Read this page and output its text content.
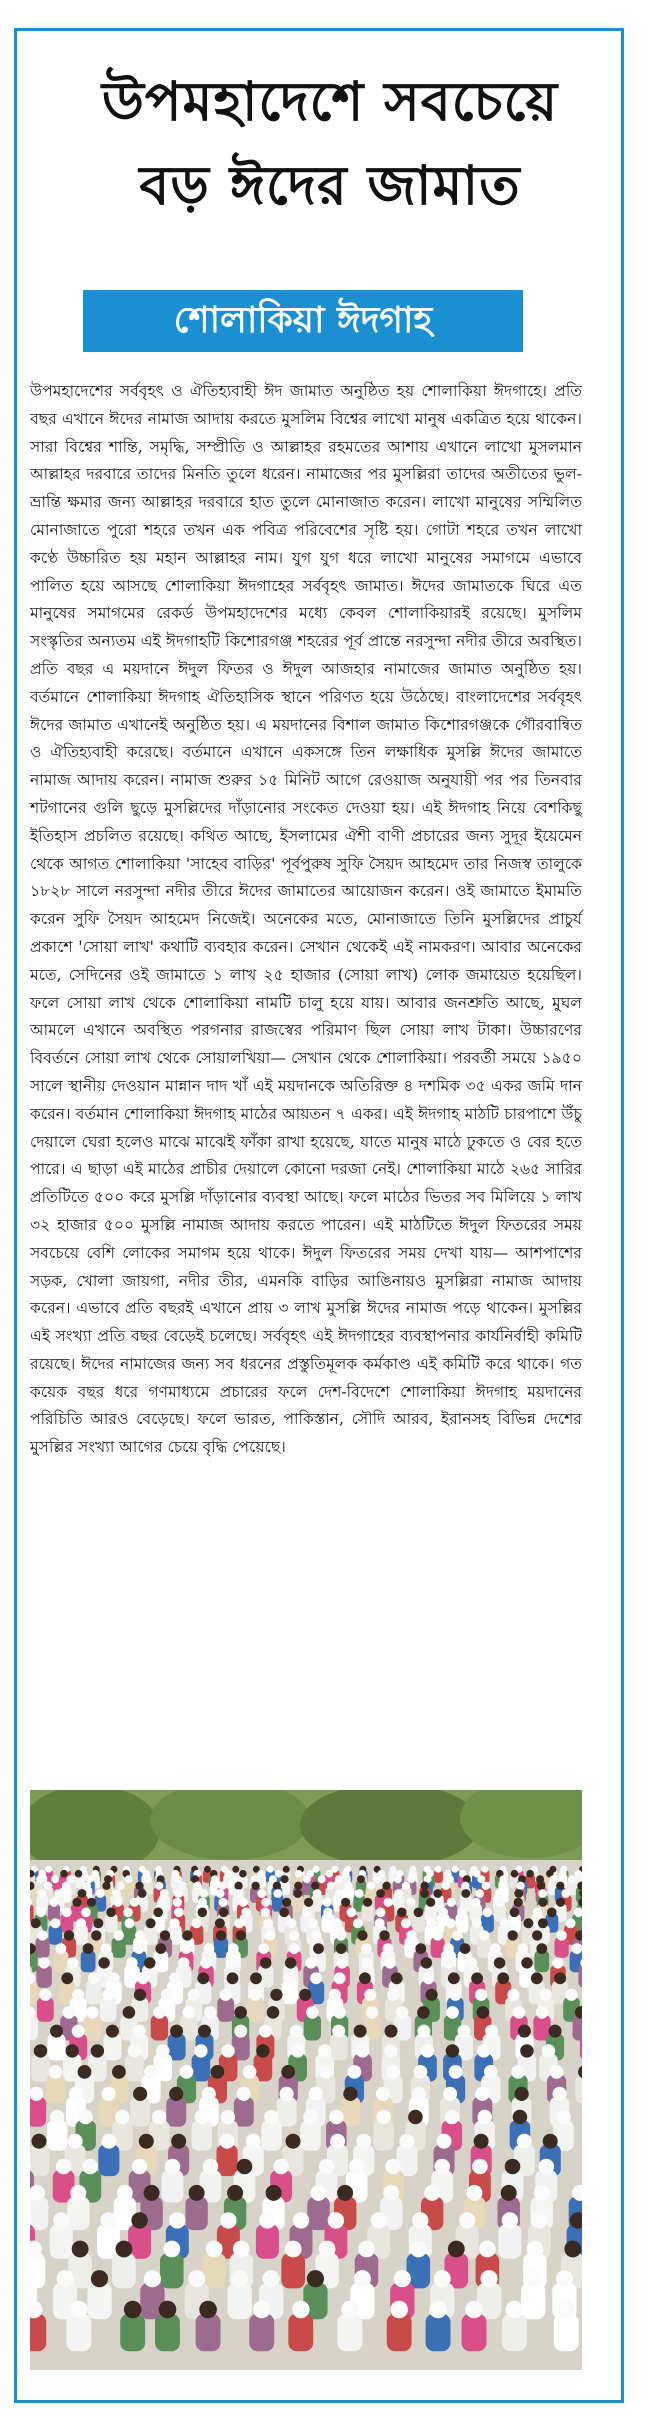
উপমহাদেশে সবচেয়ে
বড় ঈদের জামাত
শোলাকিয়া ঈদগাহ

উপমহাদেশের সর্ববৃহৎ ও ঐতিহ্যবাহী ঈদ জামাত অনুষ্ঠিত হয় শোলাকিয়া ঈদগাহে। প্রতি বছর এখানে ঈদের নামাজ আদায় করতে মুসলিম বিশ্বের লাখো মানুষ একত্রিত হয়ে থাকেন। সারা বিশ্বের শান্তি, সমৃদ্ধি, সম্প্রীতি ও আল্লাহর রহমতের আশায় এখানে লাখো মুসলমান আল্লাহর দরবারে তাদের মিনতি তুলে ধরেন। নামাজের পর মুসল্লিরা তাদের অতীতের ভুল-ভ্রান্তি ক্ষমার জন্য আল্লাহর দরবারে হাত তুলে মোনাজাত করেন। লাখো মানুষের সম্মিলিত মোনাজাতে পুরো শহরে তখন এক পবিত্র পরিবেশের সৃষ্টি হয়। গোটা শহরে তখন লাখো কণ্ঠে উচ্চারিত হয় মহান আল্লাহর নাম। যুগ যুগ ধরে লাখো মানুষের সমাগমে এভাবে পালিত হয়ে আসছে শোলাকিয়া ঈদগাহের সর্ববৃহৎ জামাত। ঈদের জামাতকে ঘিরে এত মানুষের সমাগমের রেকর্ড উপমহাদেশের মধ্যে কেবল শোলাকিয়ারই রয়েছে। মুসলিম সংস্কৃতির অন্যতম এই ঈদগাহটি কিশোরগঞ্জ শহরের পূর্ব প্রান্তে নরসুন্দা নদীর তীরে অবস্থিত। প্রতি বছর এ ময়দানে ঈদুল ফিতর ও ঈদুল আজহার নামাজের জামাত অনুষ্ঠিত হয়। বর্তমানে শোলাকিয়া ঈদগাহ ঐতিহাসিক স্থানে পরিণত হয়ে উঠেছে। বাংলাদেশের সর্ববৃহৎ ঈদের জামাত এখানেই অনুষ্ঠিত হয়। এ ময়দানের বিশাল জামাত কিশোরগঞ্জকে গৌরবান্বিত ও ঐতিহ্যবাহী করেছে। বর্তমানে এখানে একসঙ্গে তিন লক্ষাধিক মুসল্লি ঈদের জামাতে নামাজ আদায় করেন। নামাজ শুরুর ১৫ মিনিট আগে রেওয়াজ অনুযায়ী পর পর তিনবার শটগানের গুলি ছুড়ে মুসল্লিদের দাঁড়ানোর সংকেত দেওয়া হয়। এই ঈদগাহ নিয়ে বেশকিছু ইতিহাস প্রচলিত রয়েছে। কথিত আছে, ইসলামের ঐশী বাণী প্রচারের জন্য সুদূর ইয়েমেন থেকে আগত শোলাকিয়া 'সাহেব বাড়ির' পূর্বপুরুষ সুফি সৈয়দ আহমেদ তার নিজস্ব তালুকে ১৮২৮ সালে নরসুন্দা নদীর তীরে ঈদের জামাতের আয়োজন করেন। ওই জামাতে ইমামতি করেন সুফি সৈয়দ আহমেদ নিজেই। অনেকের মতে, মোনাজাতে তিনি মুসল্লিদের প্রাচুর্য প্রকাশে 'সোয়া লাখ' কথাটি ব্যবহার করেন। সেখান থেকেই এই নামকরণ। আবার অনেকের মতে, সেদিনের ওই জামাতে ১ লাখ ২৫ হাজার (সোয়া লাখ) লোক জমায়েত হয়েছিল। ফলে সোয়া লাখ থেকে শোলাকিয়া নামটি চালু হয়ে যায়। আবার জনশ্রুতি আছে, মুঘল আমলে এখানে অবস্থিত পরগনার রাজস্বের পরিমাণ ছিল সোয়া লাখ টাকা। উচ্চারণের বিবর্তনে সোয়া লাখ থেকে সোয়ালখিয়া— সেখান থেকে শোলাকিয়া। পরবর্তী সময়ে ১৯৫০ সালে স্থানীয় দেওয়ান মান্নান দাদ খাঁ এই ময়দানকে অতিরিক্ত ৪ দশমিক ৩৫ একর জমি দান করেন। বর্তমান শোলাকিয়া ঈদগাহ মাঠের আয়তন ৭ একর। এই ঈদগাহ মাঠটি চারপাশে উঁচু দেয়ালে ঘেরা হলেও মাঝে মাঝেই ফাঁকা রাখা হয়েছে, যাতে মানুষ মাঠে ঢুকতে ও বের হতে পারে। এ ছাড়া এই মাঠের প্রাচীর দেয়ালে কোনো দরজা নেই। শোলাকিয়া মাঠে ২৬৫ সারির প্রতিটিতে ৫০০ করে মুসল্লি দাঁড়ানোর ব্যবস্থা আছে। ফলে মাঠের ভিতর সব মিলিয়ে ১ লাখ ৩২ হাজার ৫০০ মুসল্লি নামাজ আদায় করতে পারেন। এই মাঠটিতে ঈদুল ফিতরের সময় সবচেয়ে বেশি লোকের সমাগম হয়ে থাকে। ঈদুল ফিতরের সময় দেখা যায়— আশপাশের সড়ক, খোলা জায়গা, নদীর তীর, এমনকি বাড়ির আঙিনায়ও মুসল্লিরা নামাজ আদায় করেন। এভাবে প্রতি বছরই এখানে প্রায় ৩ লাখ মুসল্লি ঈদের নামাজ পড়ে থাকেন। মুসল্লির এই সংখ্যা প্রতি বছর বেড়েই চলেছে। সর্ববৃহৎ এই ঈদগাহের ব্যবস্থাপনার কার্যনির্বাহী কমিটি রয়েছে। ঈদের নামাজের জন্য সব ধরনের প্রস্তুতিমূলক কর্মকাণ্ড এই কমিটি করে থাকে। গত কয়েক বছর ধরে গণমাধ্যমে প্রচারের ফলে দেশ-বিদেশে শোলাকিয়া ঈদগাহ ময়দানের পরিচিতি আরও বেড়েছে। ফলে ভারত, পাকিস্তান, সৌদি আরব, ইরানসহ বিভিন্ন দেশের মুসল্লির সংখ্যা আগের চেয়ে বৃদ্ধি পেয়েছে।
